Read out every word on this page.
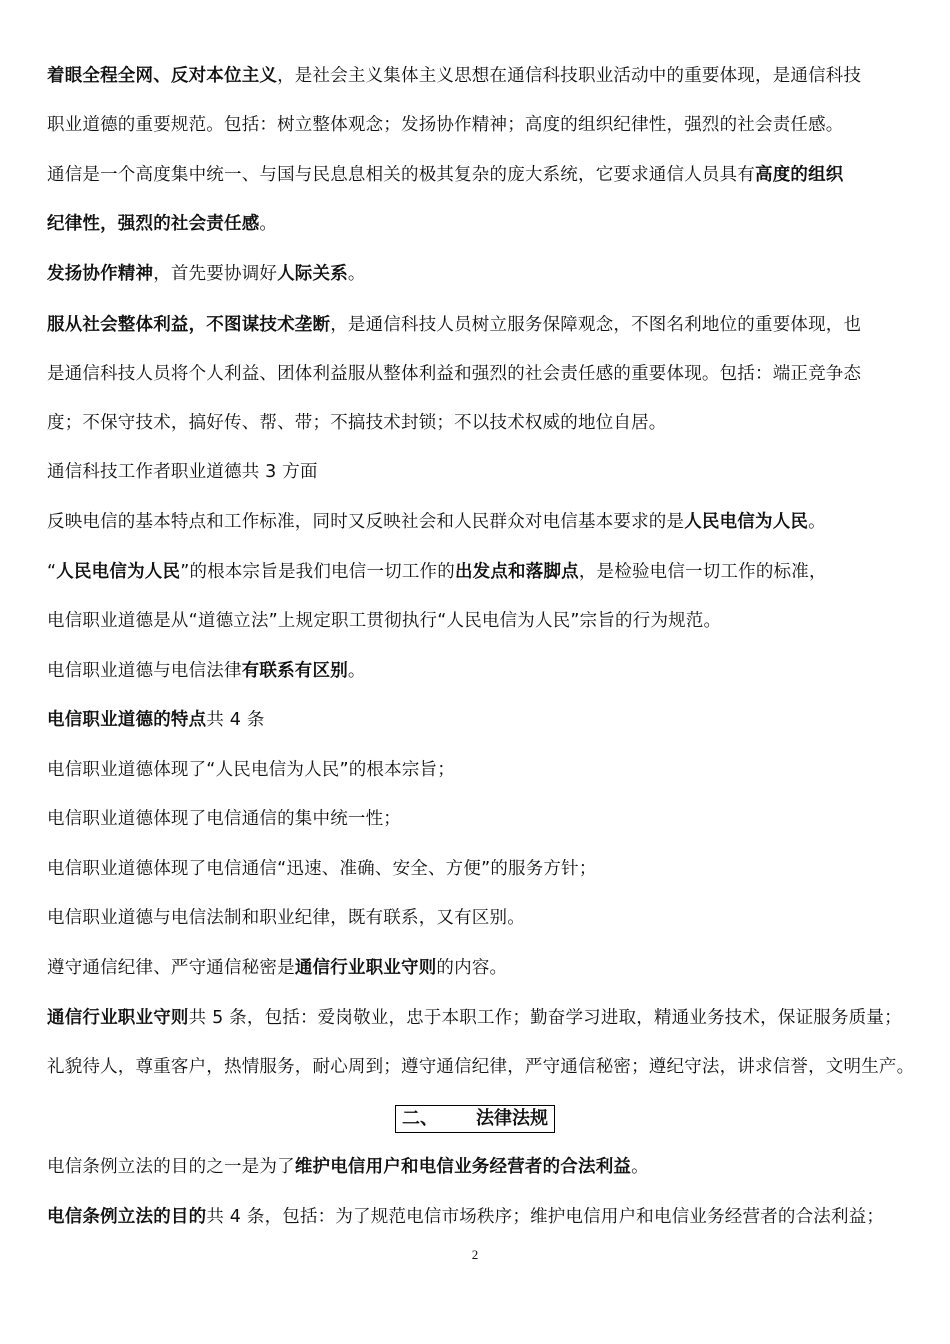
着眼全程全网、反对本位主义，是社会主义集体主义思想在通信科技职业活动中的重要体现，是通信科技
职业道德的重要规范。包括：树立整体观念；发扬协作精神；高度的组织纪律性，强烈的社会责任感。
通信是一个高度集中统一、与国与民息息相关的极其复杂的庞大系统，它要求通信人员具有高度的组织
纪律性，强烈的社会责任感。
发扬协作精神，首先要协调好人际关系。
服从社会整体利益，不图谋技术垄断，是通信科技人员树立服务保障观念，不图名利地位的重要体现，也
是通信科技人员将个人利益、团体利益服从整体利益和强烈的社会责任感的重要体现。包括：端正竞争态
度；不保守技术，搞好传、帮、带；不搞技术封锁；不以技术权威的地位自居。
通信科技工作者职业道德共 3 方面
反映电信的基本特点和工作标准，同时又反映社会和人民群众对电信基本要求的是人民电信为人民。
“人民电信为人民”的根本宗旨是我们电信一切工作的出发点和落脚点，是检验电信一切工作的标准，
电信职业道德是从“道德立法”上规定职工贯彻执行“人民电信为人民”宗旨的行为规范。
电信职业道德与电信法律有联系有区别。
电信职业道德的特点共 4 条
电信职业道德体现了“人民电信为人民”的根本宗旨；
电信职业道德体现了电信通信的集中统一性；
电信职业道德体现了电信通信“迅速、准确、安全、方便”的服务方针；
电信职业道德与电信法制和职业纪律，既有联系，又有区别。
遵守通信纪律、严守通信秘密是通信行业职业守则的内容。
通信行业职业守则共 5 条，包括：爱岗敬业，忠于本职工作；勤奋学习进取，精通业务技术，保证服务质量；
礼貌待人，尊重客户，热情服务，耐心周到；遵守通信纪律，严守通信秘密；遵纪守法，讲求信誉，文明生产。
电信条例立法的目的之一是为了维护电信用户和电信业务经营者的合法利益。
电信条例立法的目的共 4 条，包括：为了规范电信市场秩序；维护电信用户和电信业务经营者的合法利益；
二、 法律法规
2
